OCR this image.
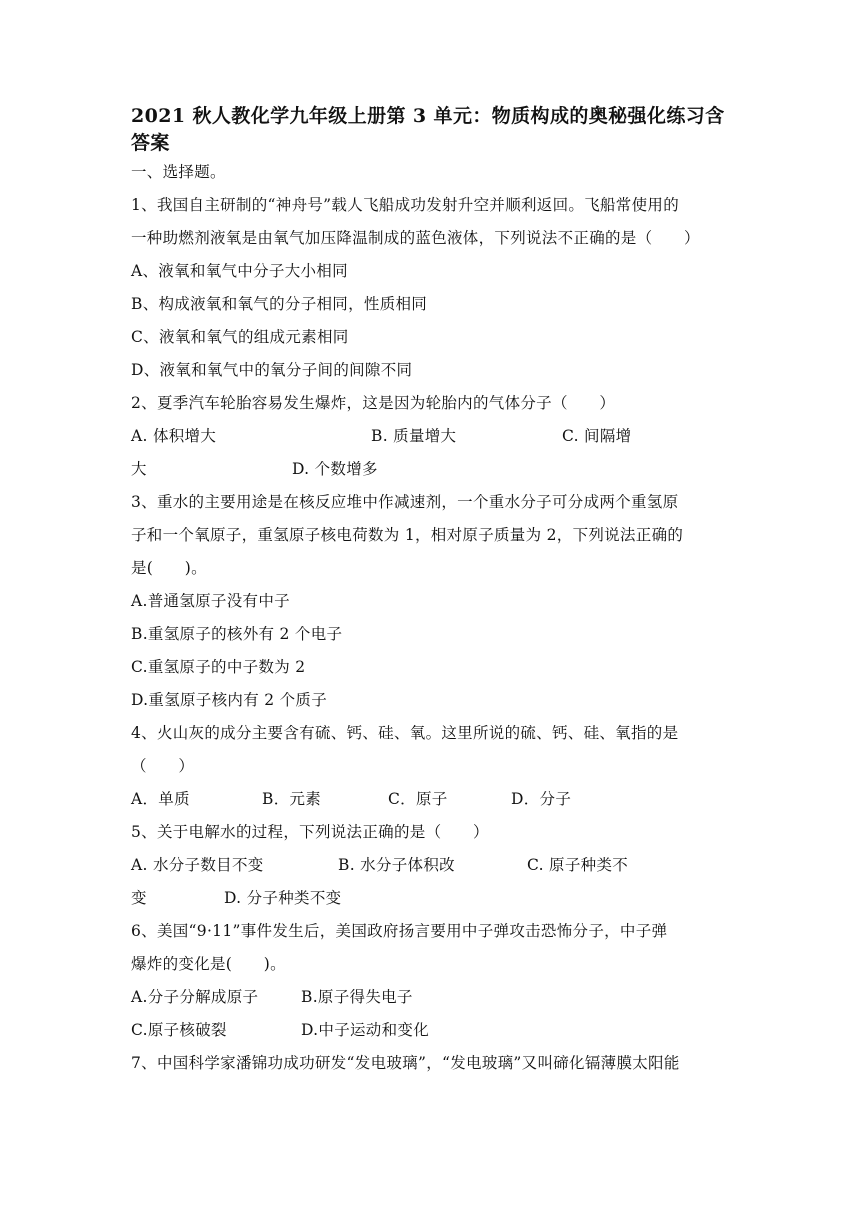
2021 秋人教化学九年级上册第 3 单元：物质构成的奥秘强化练习含
答案
一、选择题。
1、我国自主研制的“神舟号”载人飞船成功发射升空并顺利返回。飞船常使用的
一种助燃剂液氧是由氧气加压降温制成的蓝色液体，下列说法不正确的是（　　）
A、液氧和氧气中分子大小相同
B、构成液氧和氧气的分子相同，性质相同
C、液氧和氧气的组成元素相同
D、液氧和氧气中的氧分子间的间隙不同
2、夏季汽车轮胎容易发生爆炸，这是因为轮胎内的气体分子（　　）
A. 体积增大	B. 质量增大	C. 间隔增
大	D. 个数增多
3、重水的主要用途是在核反应堆中作减速剂，一个重水分子可分成两个重氢原
子和一个氧原子，重氢原子核电荷数为 1，相对原子质量为 2，下列说法正确的
是(　　)。
A.普通氢原子没有中子
B.重氢原子的核外有 2 个电子
C.重氢原子的中子数为 2
D.重氢原子核内有 2 个质子
4、火山灰的成分主要含有硫、钙、硅、氧。这里所说的硫、钙、硅、氧指的是
（　　）
A．单质	B．元素	C．原子	D．分子
5、关于电解水的过程，下列说法正确的是（　　）
A. 水分子数目不变	B. 水分子体积改	C. 原子种类不
变	D. 分子种类不变
6、美国“9·11”事件发生后，美国政府扬言要用中子弹攻击恐怖分子，中子弹
爆炸的变化是(　　)。
A.分子分解成原子	B.原子得失电子
C.原子核破裂	D.中子运动和变化
7、中国科学家潘锦功成功研发“发电玻璃”，“发电玻璃”又叫碲化镉薄膜太阳能
